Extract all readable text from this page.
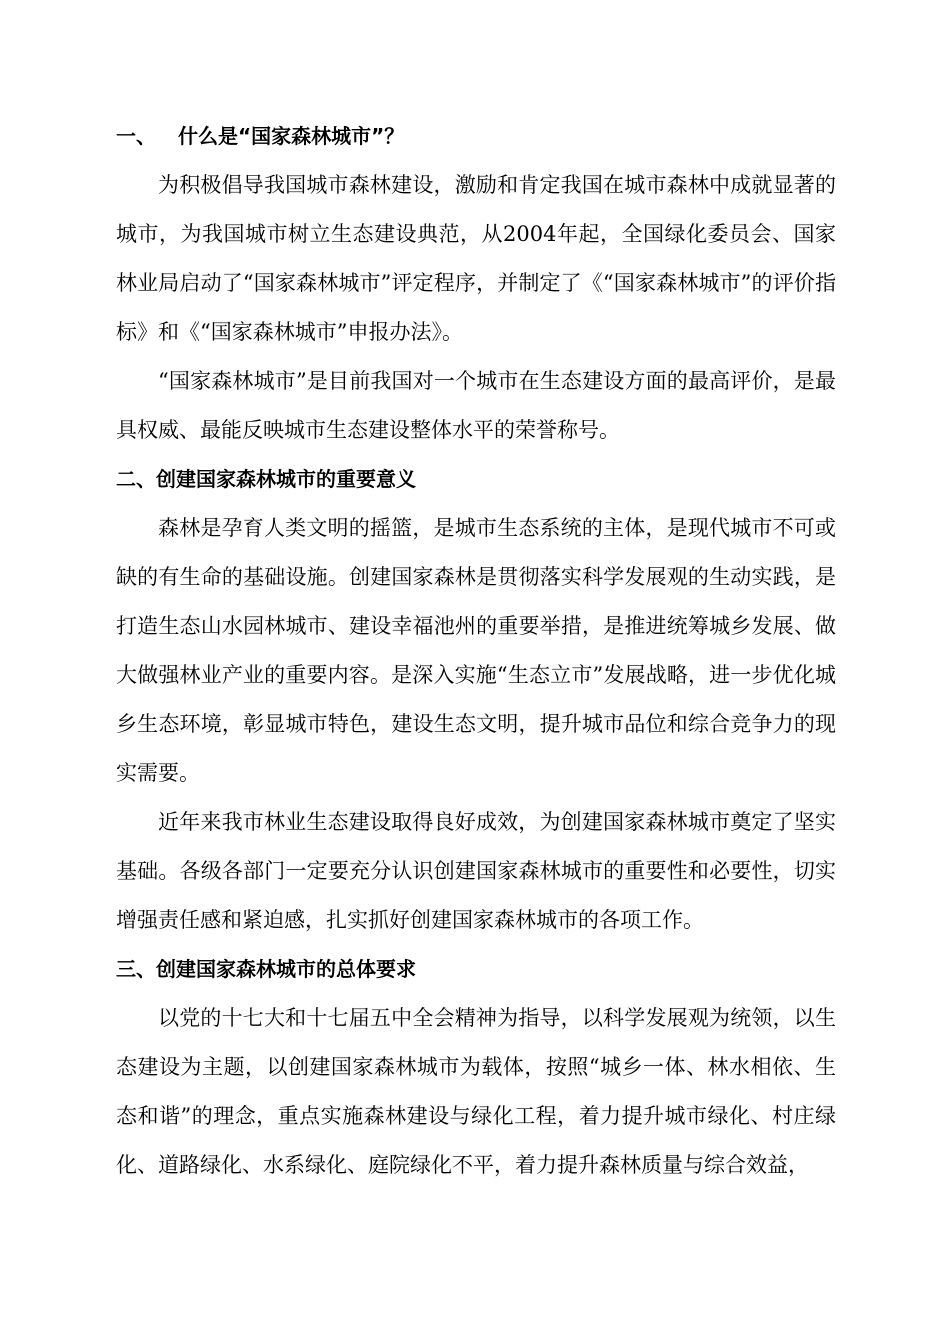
一、 什么是“国家森林城市”？

为积极倡导我国城市森林建设，激励和肯定我国在城市森林中成就显著的城市，为我国城市树立生态建设典范，从2004年起，全国绿化委员会、国家林业局启动了“国家森林城市”评定程序，并制定了《“国家森林城市”的评价指标》和《“国家森林城市”申报办法》。

“国家森林城市”是目前我国对一个城市在生态建设方面的最高评价，是最具权威、最能反映城市生态建设整体水平的荣誉称号。

二、创建国家森林城市的重要意义

森林是孕育人类文明的摇篮，是城市生态系统的主体，是现代城市不可或缺的有生命的基础设施。创建国家森林是贯彻落实科学发展观的生动实践，是打造生态山水园林城市、建设幸福池州的重要举措，是推进统筹城乡发展、做大做强林业产业的重要内容。是深入实施“生态立市”发展战略，进一步优化城乡生态环境，彰显城市特色，建设生态文明，提升城市品位和综合竞争力的现实需要。

近年来我市林业生态建设取得良好成效，为创建国家森林城市奠定了坚实基础。各级各部门一定要充分认识创建国家森林城市的重要性和必要性，切实增强责任感和紧迫感，扎实抓好创建国家森林城市的各项工作。

三、创建国家森林城市的总体要求

以党的十七大和十七届五中全会精神为指导，以科学发展观为统领，以生态建设为主题，以创建国家森林城市为载体，按照“城乡一体、林水相依、生态和谐”的理念，重点实施森林建设与绿化工程，着力提升城市绿化、村庄绿化、道路绿化、水系绿化、庭院绿化不平，着力提升森林质量与综合效益，
